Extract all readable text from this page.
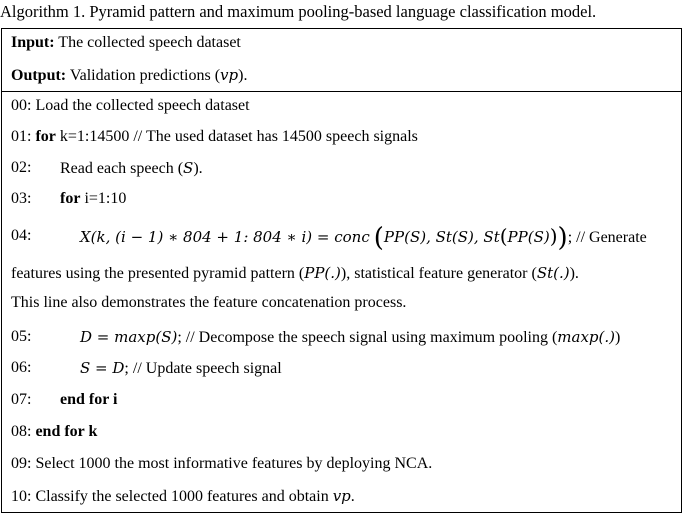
Algorithm 1. Pyramid pattern and maximum pooling-based language classification model.
Input: The collected speech dataset
Output: Validation predictions (vp).
00: Load the collected speech dataset
01: for k=1:14500 // The used dataset has 14500 speech signals
02: Read each speech (S).
03: for i=1:10
04:	X(k, (i − 1) ∗ 804 + 1: 804 ∗ i) = conc (PP(S), St(S), St(PP(S))); // Generate
features using the presented pyramid pattern (PP(.)), statistical feature generator (St(.)).
This line also demonstrates the feature concatenation process.
05:	D = maxp(S); // Decompose the speech signal using maximum pooling (maxp(.))
06:	S = D; // Update speech signal
07: end for i
08: end for k
09: Select 1000 the most informative features by deploying NCA.
10: Classify the selected 1000 features and obtain vp.
